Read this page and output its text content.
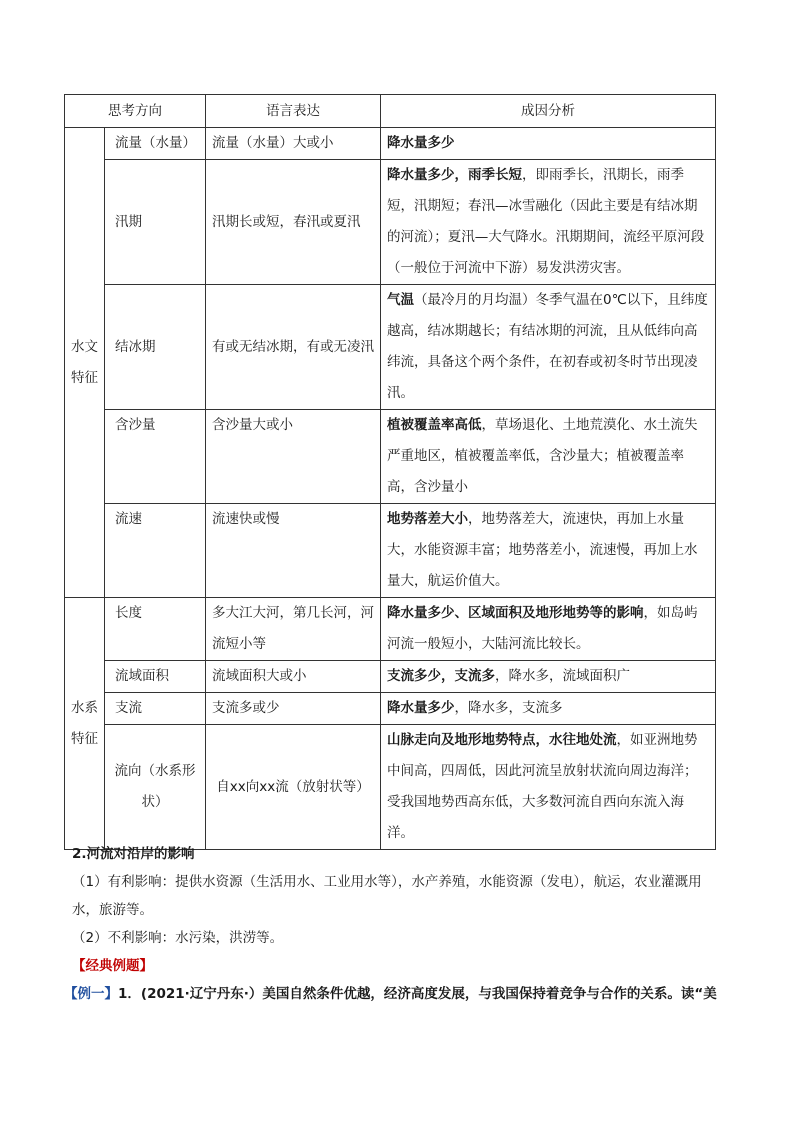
思考方向		语言表达	成因分析
水文特征	流量（水量）	流量（水量）大或小	降水量多少
	汛期	汛期长或短，春汛或夏汛	降水量多少，雨季长短，即雨季长，汛期长，雨季短，汛期短；春汛—冰雪融化（因此主要是有结冰期的河流）；夏汛—大气降水。汛期期间，流经平原河段（一般位于河流中下游）易发洪涝灾害。
	结冰期	有或无结冰期，有或无凌汛	气温（最冷月的月均温）冬季气温在0℃以下，且纬度越高，结冰期越长；有结冰期的河流，且从低纬向高纬流，具备这个两个条件，在初春或初冬时节出现凌汛。
	含沙量	含沙量大或小	植被覆盖率高低，草场退化、土地荒漠化、水土流失严重地区，植被覆盖率低，含沙量大；植被覆盖率高，含沙量小
	流速	流速快或慢	地势落差大小，地势落差大，流速快，再加上水量大，水能资源丰富；地势落差小，流速慢，再加上水量大，航运价值大。
水系特征	长度	多大江大河，第几长河，河流短小等	降水量多少、区域面积及地形地势等的影响，如岛屿河流一般短小，大陆河流比较长。
	流域面积	流域面积大或小	支流多少，支流多，降水多，流域面积广
	支流	支流多或少	降水量多少，降水多，支流多
	流向（水系形状）	自xx向xx流（放射状等）	山脉走向及地形地势特点，水往地处流，如亚洲地势中间高，四周低，因此河流呈放射状流向周边海洋；受我国地势西高东低，大多数河流自西向东流入海洋。
2.河流对沿岸的影响
（1）有利影响：提供水资源（生活用水、工业用水等），水产养殖，水能资源（发电），航运，农业灌溉用水，旅游等。
（2）不利影响：水污染，洪涝等。
【经典例题】
【例一】1．(2021·辽宁丹东·）美国自然条件优越，经济高度发展，与我国保持着竞争与合作的关系。读“美
